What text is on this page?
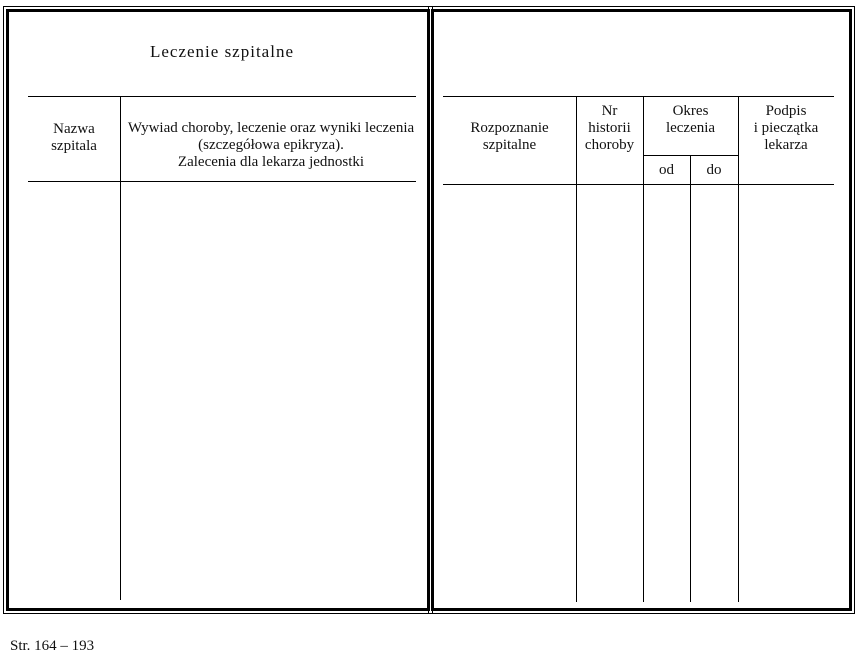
Leczenie szpitalne
Nazwa
szpitala
Wywiad choroby, leczenie oraz wyniki leczenia
(szczegółowa epikryza).
Zalecenia dla lekarza jednostki
Rozpoznanie
szpitalne
Nr
historii
choroby
Okres
leczenia
od	do
Podpis
i pieczątka
lekarza
Str. 164 – 193
